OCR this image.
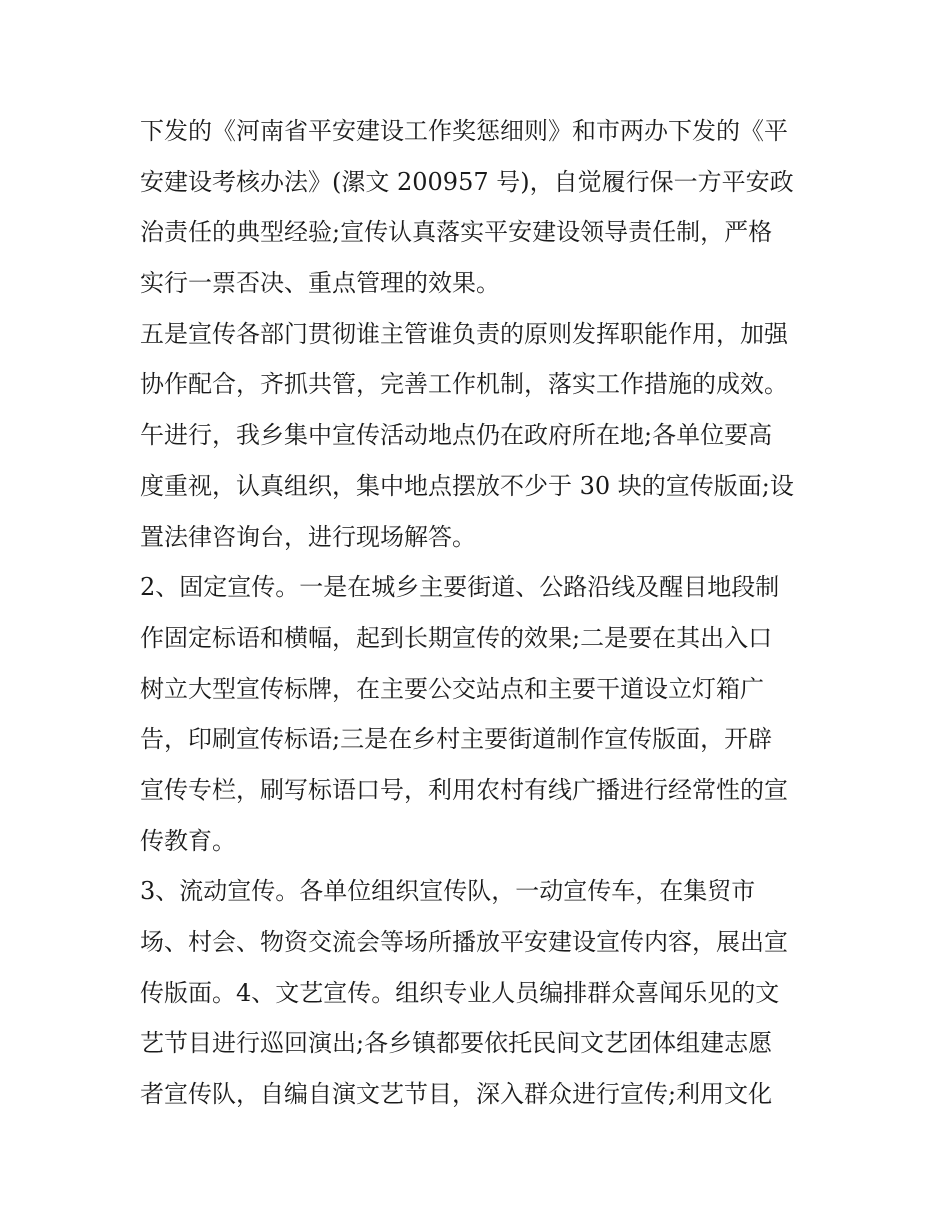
下发的《河南省平安建设工作奖惩细则》和市两办下发的《平
安建设考核办法》(漯文 200957 号)，自觉履行保一方平安政
治责任的典型经验;宣传认真落实平安建设领导责任制，严格
实行一票否决、重点管理的效果。
五是宣传各部门贯彻谁主管谁负责的原则发挥职能作用，加强
协作配合，齐抓共管，完善工作机制，落实工作措施的成效。
午进行，我乡集中宣传活动地点仍在政府所在地;各单位要高
度重视，认真组织，集中地点摆放不少于 30 块的宣传版面;设
置法律咨询台，进行现场解答。
2、固定宣传。一是在城乡主要街道、公路沿线及醒目地段制
作固定标语和横幅，起到长期宣传的效果;二是要在其出入口
树立大型宣传标牌，在主要公交站点和主要干道设立灯箱广
告，印刷宣传标语;三是在乡村主要街道制作宣传版面，开辟
宣传专栏，刷写标语口号，利用农村有线广播进行经常性的宣
传教育。
3、流动宣传。各单位组织宣传队，一动宣传车，在集贸市
场、村会、物资交流会等场所播放平安建设宣传内容，展出宣
传版面。4、文艺宣传。组织专业人员编排群众喜闻乐见的文
艺节目进行巡回演出;各乡镇都要依托民间文艺团体组建志愿
者宣传队，自编自演文艺节目，深入群众进行宣传;利用文化
